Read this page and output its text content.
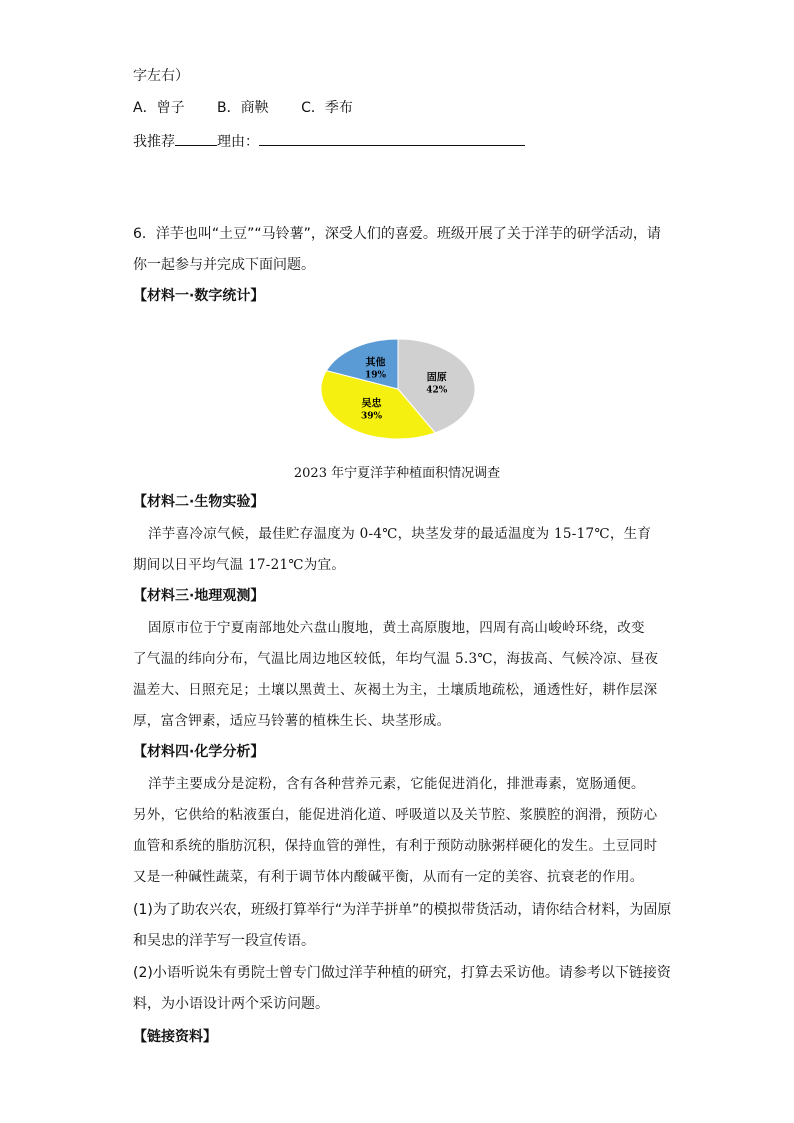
字左右）
A．曾子 B．商鞅 C．季布
我推荐	理由：
6．洋芋也叫“土豆”“马铃薯”，深受人们的喜爱。班级开展了关于洋芋的研学活动，请
你一起参与并完成下面问题。
【材料一·数字统计】
固原
42%
吴忠
39%
其他
19%
2023 年宁夏洋芋种植面积情况调查
【材料二·生物实验】
洋芋喜冷凉气候，最佳贮存温度为 0-4℃，块茎发芽的最适温度为 15-17℃，生育
期间以日平均气温 17-21℃为宜。
【材料三·地理观测】
固原市位于宁夏南部地处六盘山腹地，黄土高原腹地，四周有高山峻岭环绕，改变
了气温的纬向分布，气温比周边地区较低，年均气温 5.3℃，海拔高、气候冷凉、昼夜
温差大、日照充足；土壤以黑黄土、灰褐土为主，土壤质地疏松，通透性好，耕作层深
厚，富含钾素，适应马铃薯的植株生长、块茎形成。
【材料四·化学分析】
洋芋主要成分是淀粉，含有各种营养元素，它能促进消化，排泄毒素，宽肠通便。
另外，它供给的粘液蛋白，能促进消化道、呼吸道以及关节腔、浆膜腔的润滑，预防心
血管和系统的脂肪沉积，保持血管的弹性，有利于预防动脉粥样硬化的发生。土豆同时
又是一种碱性蔬菜，有利于调节体内酸碱平衡，从而有一定的美容、抗衰老的作用。
(1)为了助农兴农，班级打算举行“为洋芋拼单”的模拟带货活动，请你结合材料，为固原
和吴忠的洋芋写一段宣传语。
(2)小语听说朱有勇院士曾专门做过洋芋种植的研究，打算去采访他。请参考以下链接资
料，为小语设计两个采访问题。
【链接资料】
